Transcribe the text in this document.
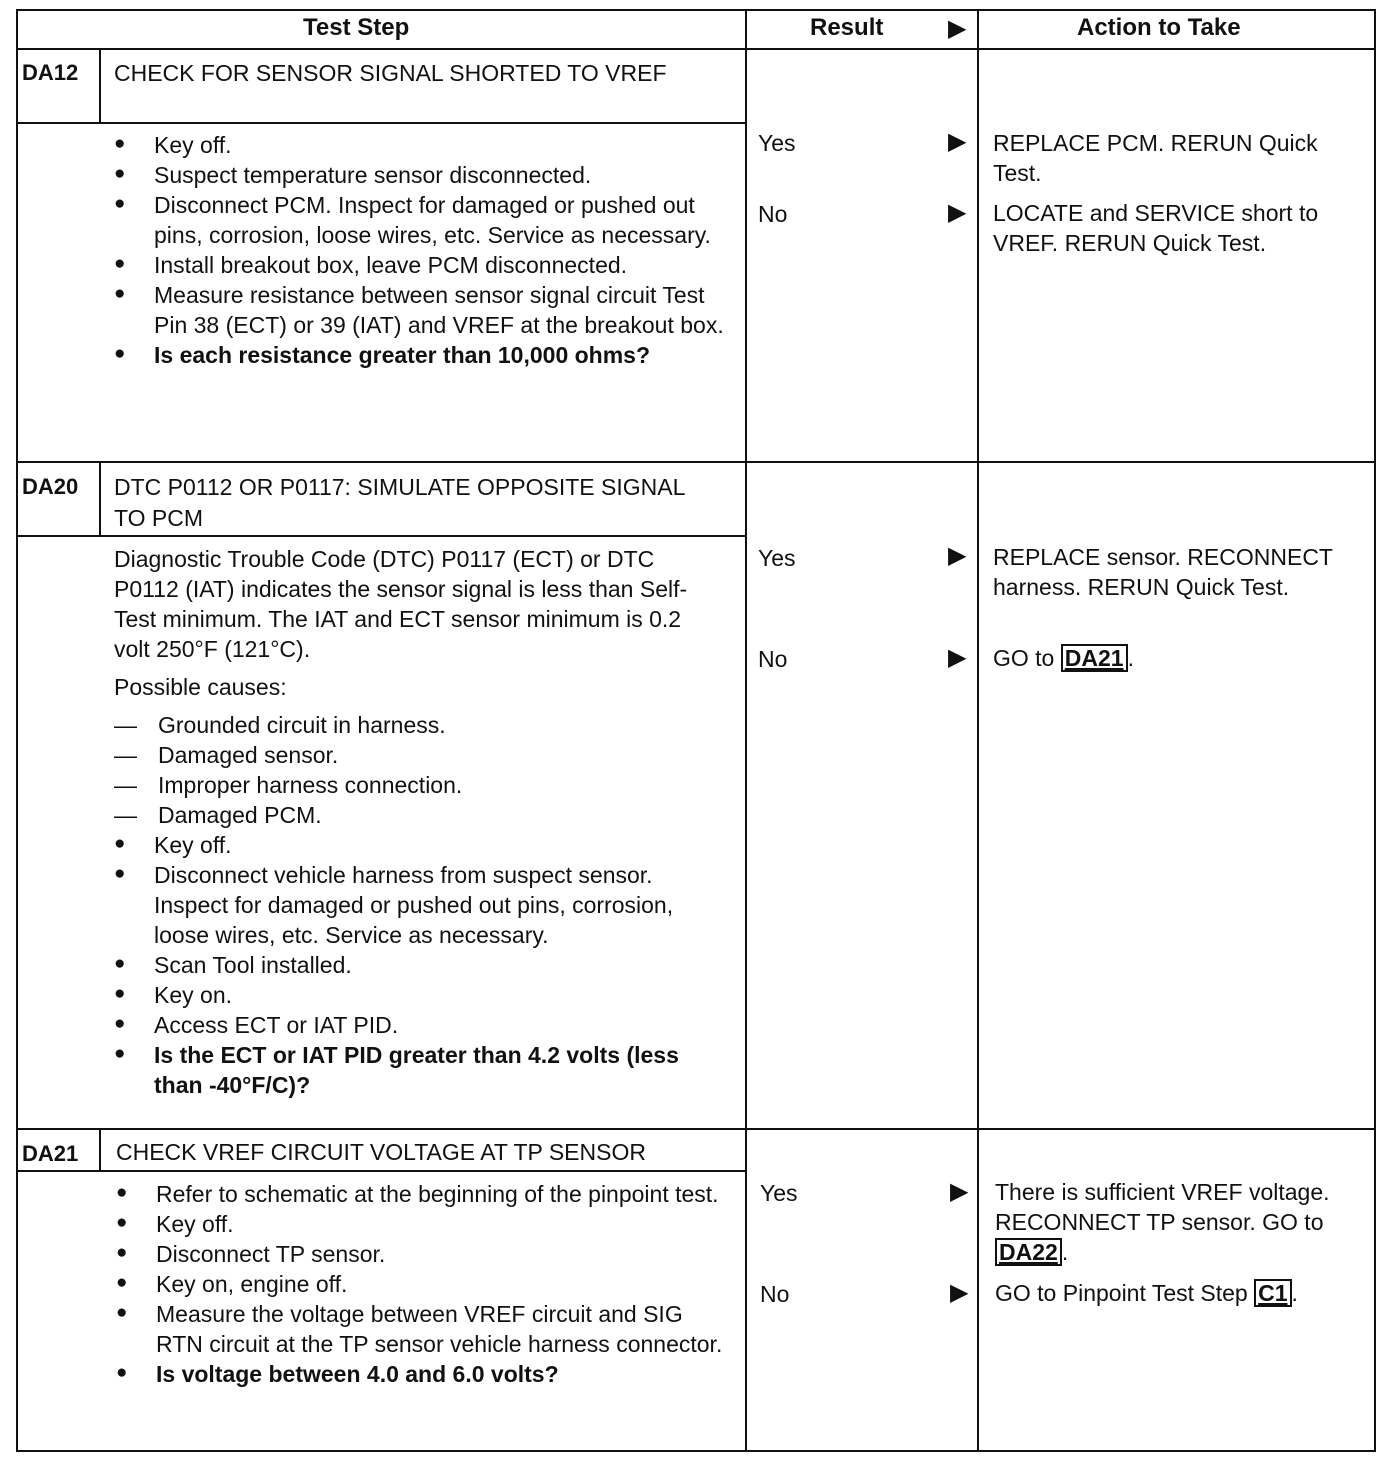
Test Step	Result	▶	Action to Take
DA12 CHECK FOR SENSOR SIGNAL SHORTED TO VREF

● Key off.

● Suspect temperature sensor disconnected.

● Disconnect PCM. Inspect for damaged or pushed out pins, corrosion, loose wires, etc. Service as necessary.

● Install breakout box, leave PCM disconnected.

● Measure resistance between sensor signal circuit Test Pin 38 (ECT) or 39 (IAT) and VREF at the breakout box.

● Is each resistance greater than 10,000 ohms?

Yes	▶ REPLACE PCM. RERUN Quick Test.
No	▶ LOCATE and SERVICE short to VREF. RERUN Quick Test.
DA20 DTC P0112 OR P0117: SIMULATE OPPOSITE SIGNAL TO PCM

Diagnostic Trouble Code (DTC) P0117 (ECT) or DTC P0112 (IAT) indicates the sensor signal is less than Self-Test minimum. The IAT and ECT sensor minimum is 0.2 volt 250°F (121°C).

Possible causes:

— Grounded circuit in harness.

— Damaged sensor.

— Improper harness connection.

— Damaged PCM.

● Key off.

● Disconnect vehicle harness from suspect sensor. Inspect for damaged or pushed out pins, corrosion, loose wires, etc. Service as necessary.

● Scan Tool installed.

● Key on.

● Access ECT or IAT PID.

● Is the ECT or IAT PID greater than 4.2 volts (less than -40°F/C)?

Yes	▶ REPLACE sensor. RECONNECT harness. RERUN Quick Test.
No	▶ GO to DA21 .
DA21 CHECK VREF CIRCUIT VOLTAGE AT TP SENSOR

● Refer to schematic at the beginning of the pinpoint test.

● Key off.

● Disconnect TP sensor.

● Key on, engine off.

● Measure the voltage between VREF circuit and SIG RTN circuit at the TP sensor vehicle harness connector.

● Is voltage between 4.0 and 6.0 volts?

Yes	▶ There is sufficient VREF voltage. RECONNECT TP sensor. GO to DA22 .
No	▶ GO to Pinpoint Test Step C1 .
